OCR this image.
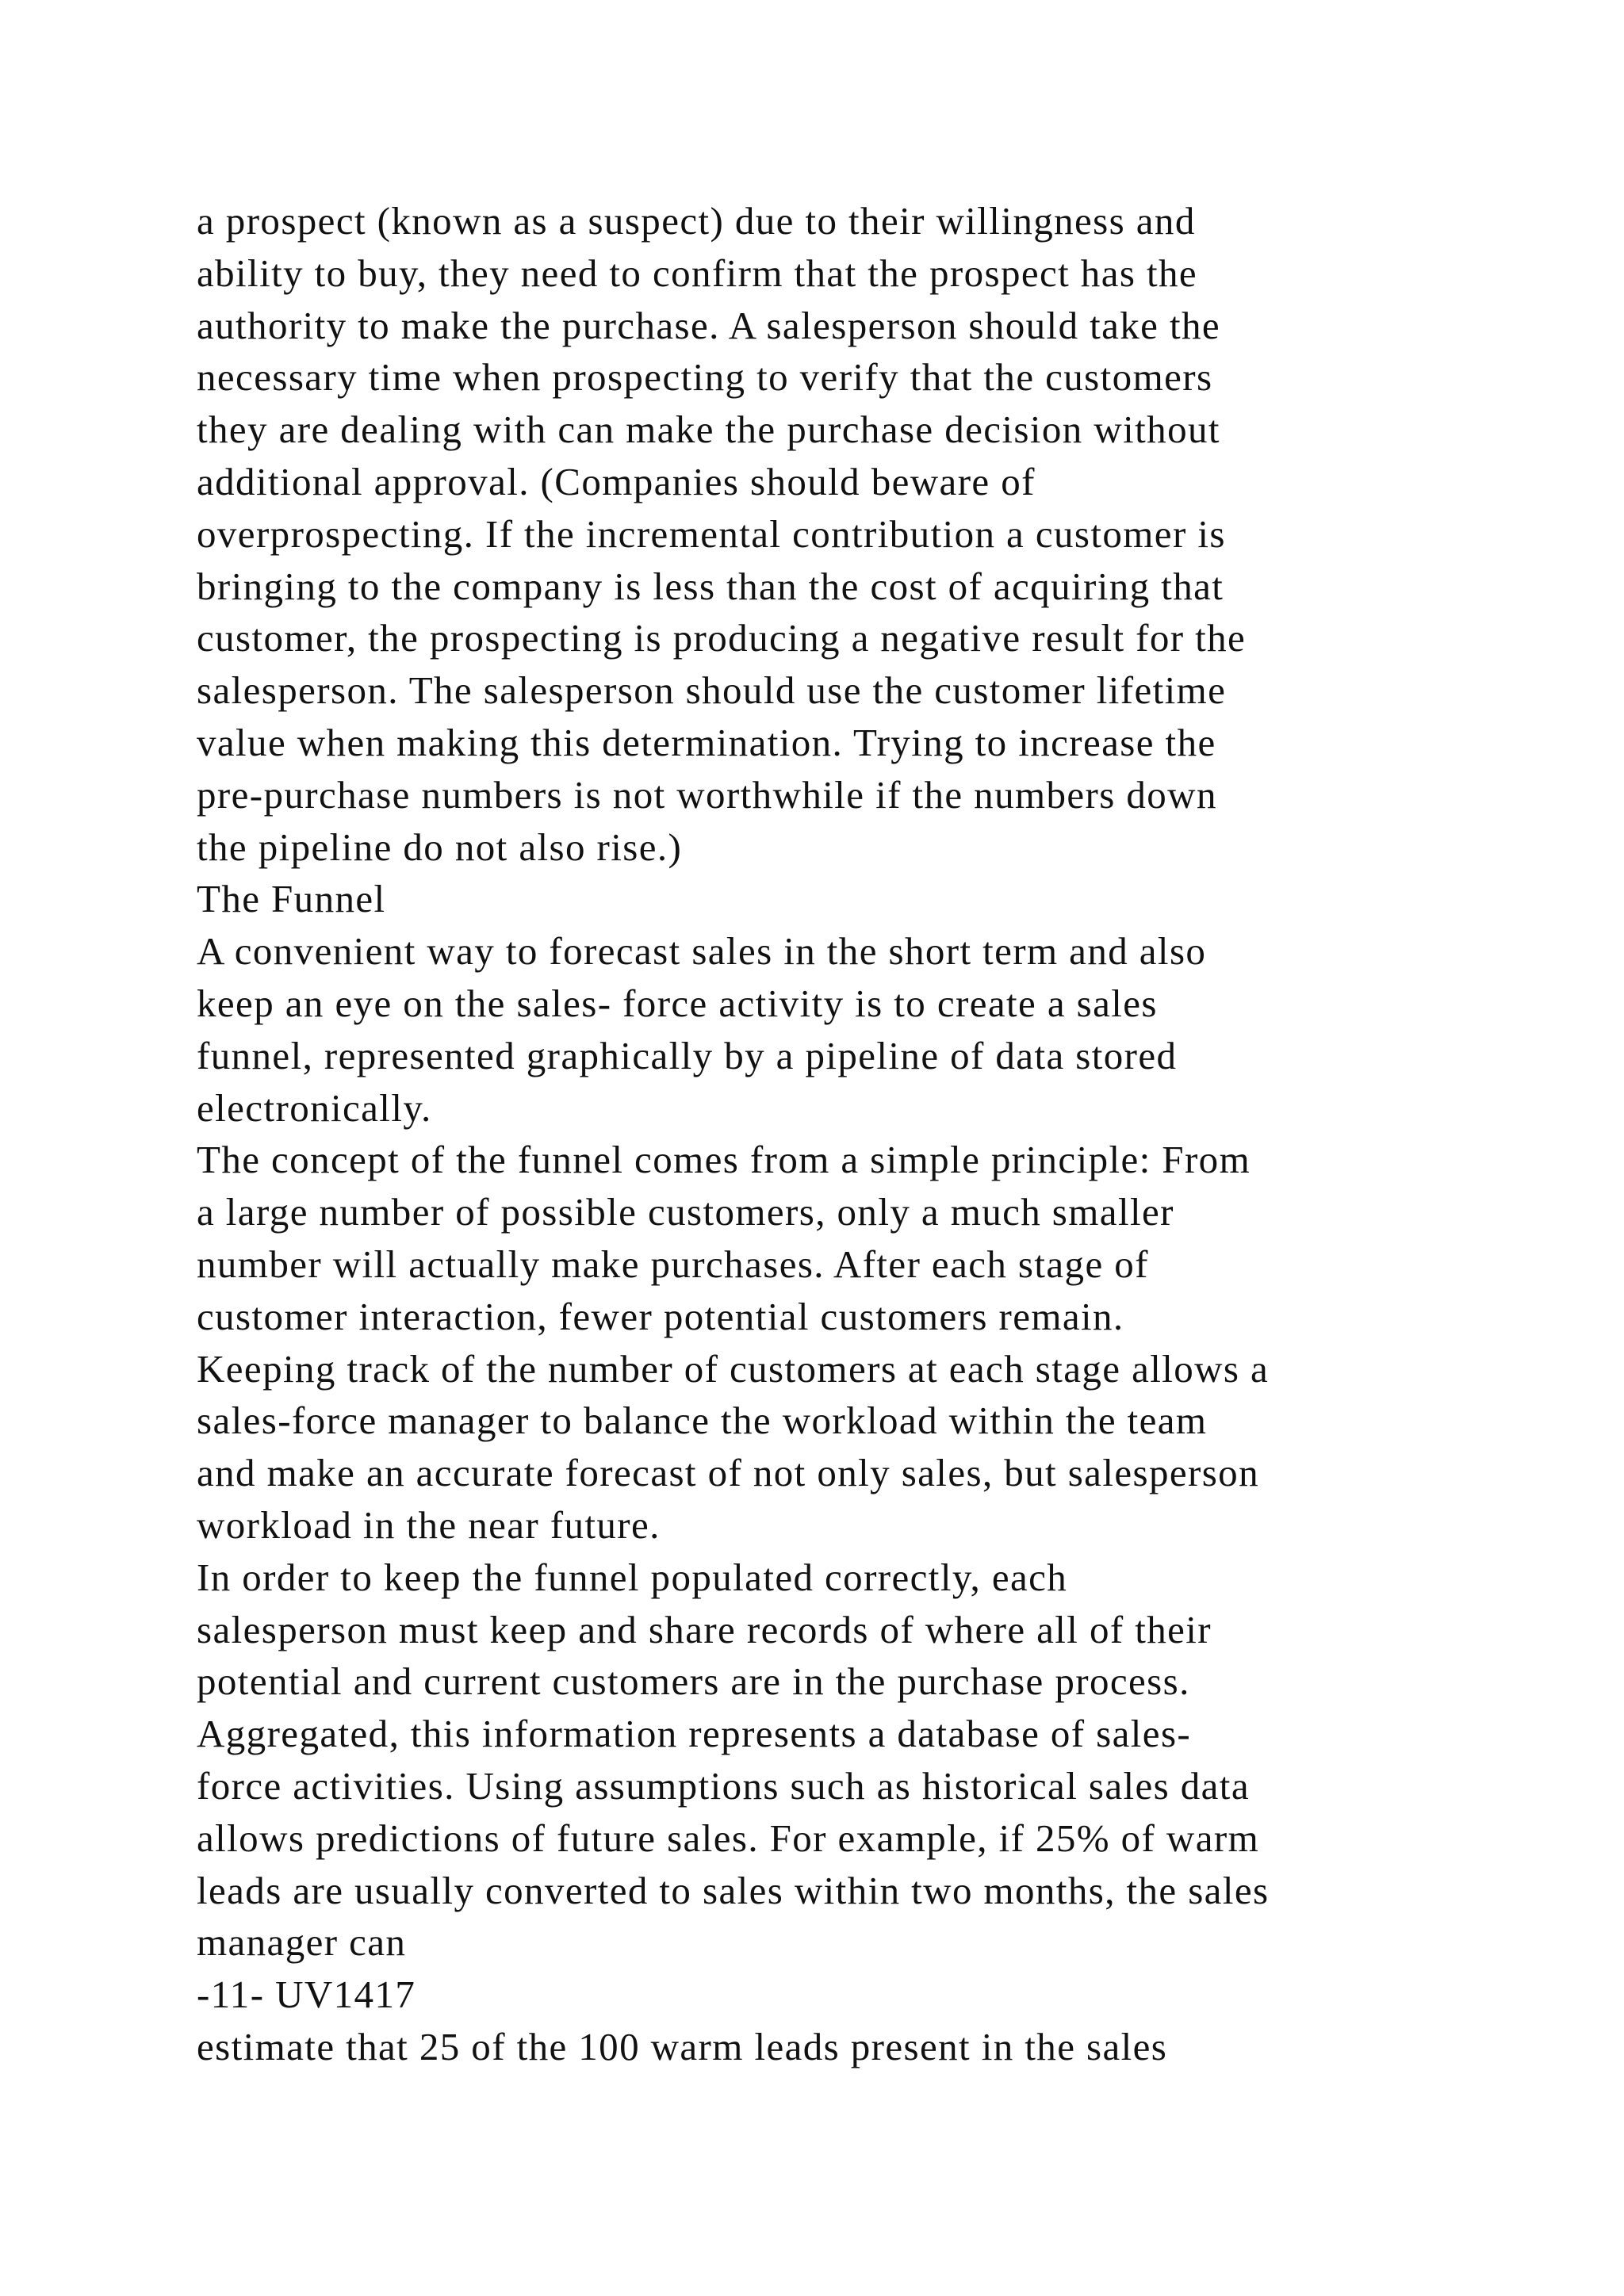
a prospect (known as a suspect) due to their willingness and

ability to buy, they need to confirm that the prospect has the

authority to make the purchase. A salesperson should take the

necessary time when prospecting to verify that the customers

they are dealing with can make the purchase decision without

additional approval. (Companies should beware of

overprospecting. If the incremental contribution a customer is

bringing to the company is less than the cost of acquiring that

customer, the prospecting is producing a negative result for the

salesperson. The salesperson should use the customer lifetime

value when making this determination. Trying to increase the

pre-purchase numbers is not worthwhile if the numbers down

the pipeline do not also rise.)

The Funnel

A convenient way to forecast sales in the short term and also

keep an eye on the sales- force activity is to create a sales

funnel, represented graphically by a pipeline of data stored

electronically.

The concept of the funnel comes from a simple principle: From

a large number of possible customers, only a much smaller

number will actually make purchases. After each stage of

customer interaction, fewer potential customers remain.

Keeping track of the number of customers at each stage allows a

sales-force manager to balance the workload within the team

and make an accurate forecast of not only sales, but salesperson

workload in the near future.

In order to keep the funnel populated correctly, each

salesperson must keep and share records of where all of their

potential and current customers are in the purchase process.

Aggregated, this information represents a database of sales-

force activities. Using assumptions such as historical sales data

allows predictions of future sales. For example, if 25% of warm

leads are usually converted to sales within two months, the sales

manager can

-11- UV1417

estimate that 25 of the 100 warm leads present in the sales
